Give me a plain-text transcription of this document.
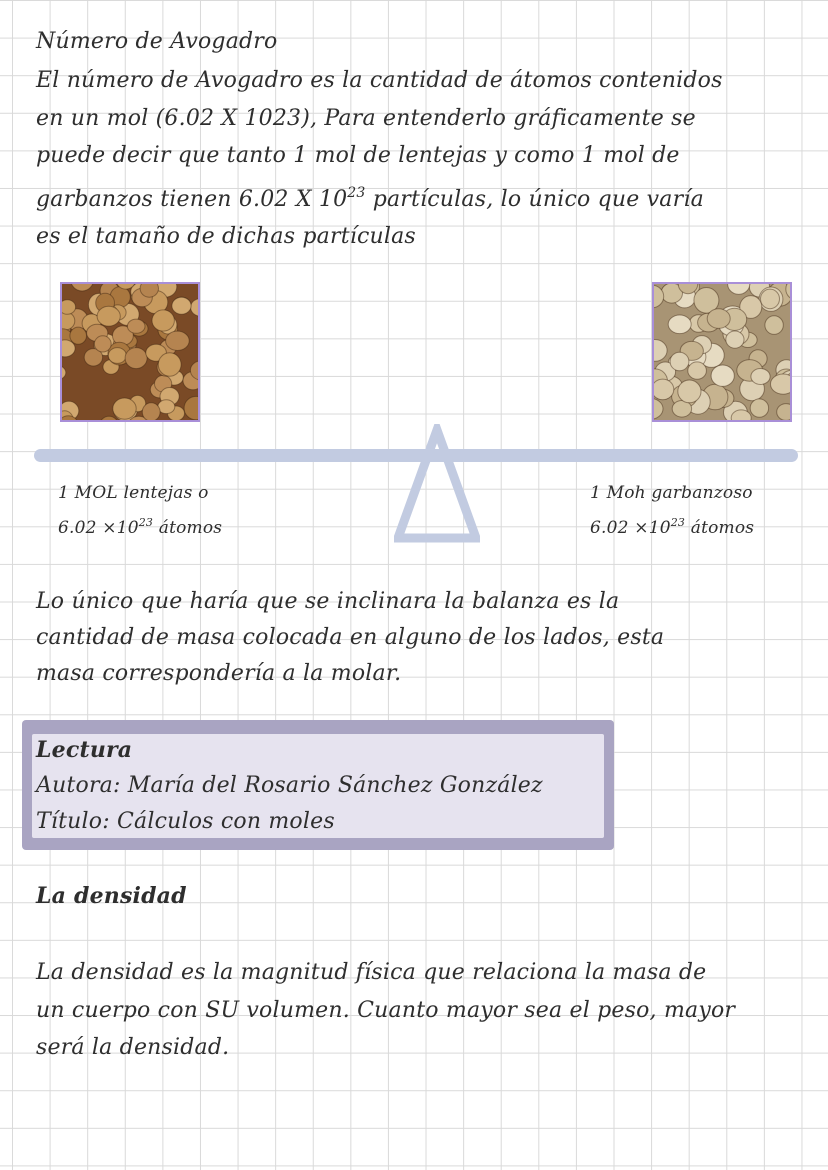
Número de Avogadro
El número de Avogadro es la cantidad de átomos contenidos
en un mol (6.02 X 1023), Para entenderlo gráficamente se
puede decir que tanto 1 mol de lentejas y como 1 mol de
garbanzos tienen 6.02 X $10^{23}$ partículas, lo único que varía
es el tamaño de dichas partículas
1 MOL lentejas o
$6.02 \times 10^{23}$ átomos
1 Moh garbanzoso
$6.02 \times 10^{23}$ átomos
Lo único que haría que se inclinara la balanza es la
cantidad de masa colocada en alguno de los lados, esta
masa correspondería a la molar.
Lectura
Autora: María del Rosario Sánchez González
Título: Cálculos con moles
La densidad
La densidad es la magnitud física que relaciona la masa de
un cuerpo con SU volumen. Cuanto mayor sea el peso, mayor
será la densidad.
